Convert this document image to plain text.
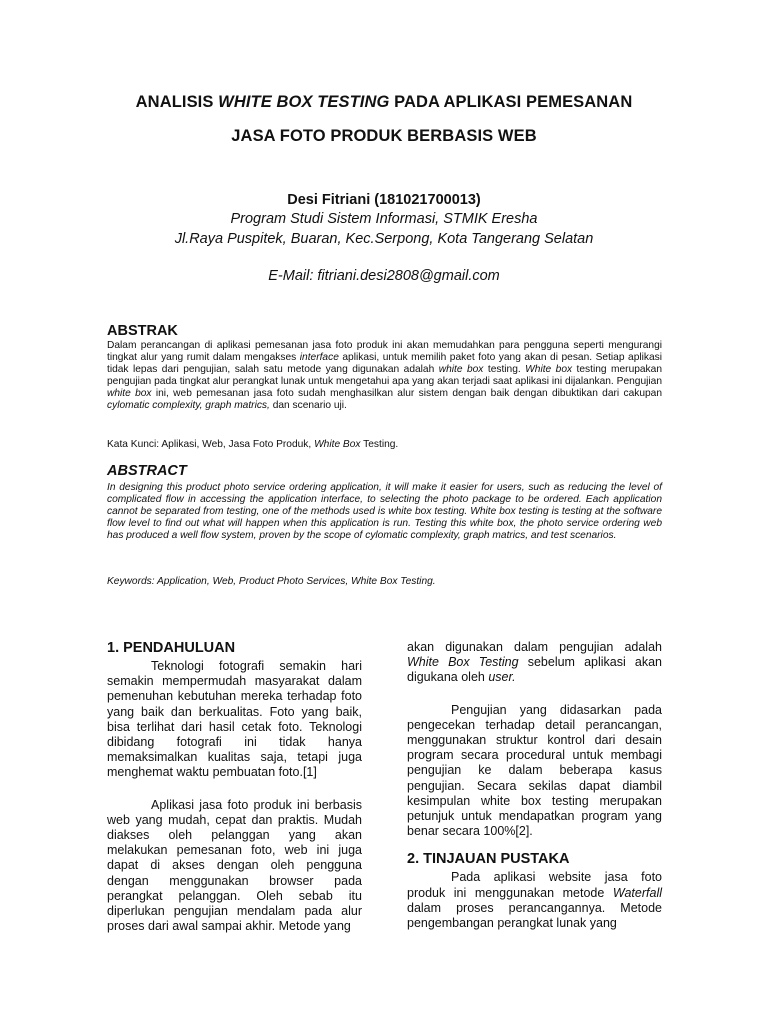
ANALISIS WHITE BOX TESTING PADA APLIKASI PEMESANAN
JASA FOTO PRODUK BERBASIS WEB
Desi Fitriani (181021700013)
Program Studi Sistem Informasi, STMIK Eresha
Jl.Raya Puspitek, Buaran, Kec.Serpong, Kota Tangerang Selatan
E-Mail: fitriani.desi2808@gmail.com
ABSTRAK
Dalam perancangan di aplikasi pemesanan jasa foto produk ini akan memudahkan para pengguna seperti mengurangi tingkat alur yang rumit dalam mengakses interface aplikasi, untuk memilih paket foto yang akan di pesan. Setiap aplikasi tidak lepas dari pengujian, salah satu metode yang digunakan adalah white box testing. White box testing merupakan pengujian pada tingkat alur perangkat lunak untuk mengetahui apa yang akan terjadi saat aplikasi ini dijalankan. Pengujian white box ini, web pemesanan jasa foto sudah menghasilkan alur sistem dengan baik dengan dibuktikan dari cakupan cylomatic complexity, graph matrics, dan scenario uji.
Kata Kunci: Aplikasi, Web, Jasa Foto Produk, White Box Testing.
ABSTRACT
In designing this product photo service ordering application, it will make it easier for users, such as reducing the level of complicated flow in accessing the application interface, to selecting the photo package to be ordered. Each application cannot be separated from testing, one of the methods used is white box testing. White box testing is testing at the software flow level to find out what will happen when this application is run. Testing this white box, the photo service ordering web has produced a well flow system, proven by the scope of cylomatic complexity, graph matrics, and test scenarios.
Keywords: Application, Web, Product Photo Services, White Box Testing.
1. PENDAHULUAN

Teknologi fotografi semakin hari semakin mempermudah masyarakat dalam pemenuhan kebutuhan mereka terhadap foto yang baik dan berkualitas. Foto yang baik, bisa terlihat dari hasil cetak foto. Teknologi dibidang fotografi ini tidak hanya memaksimalkan kualitas saja, tetapi juga menghemat waktu pembuatan foto.[1]

Aplikasi jasa foto produk ini berbasis web yang mudah, cepat dan praktis. Mudah diakses oleh pelanggan yang akan melakukan pemesanan foto, web ini juga dapat di akses dengan oleh pengguna dengan menggunakan browser pada perangkat pelanggan. Oleh sebab itu diperlukan pengujian mendalam pada alur proses dari awal sampai akhir. Metode yang

akan digunakan dalam pengujian adalah White Box Testing sebelum aplikasi akan digukana oleh user.

Pengujian yang didasarkan pada pengecekan terhadap detail perancangan, menggunakan struktur kontrol dari desain program secara procedural untuk membagi pengujian ke dalam beberapa kasus pengujian. Secara sekilas dapat diambil kesimpulan white box testing merupakan petunjuk untuk mendapatkan program yang benar secara 100%[2].

2. TINJAUAN PUSTAKA

Pada aplikasi website jasa foto produk ini menggunakan metode Waterfall dalam proses perancangannya. Metode pengembangan perangkat lunak yang
